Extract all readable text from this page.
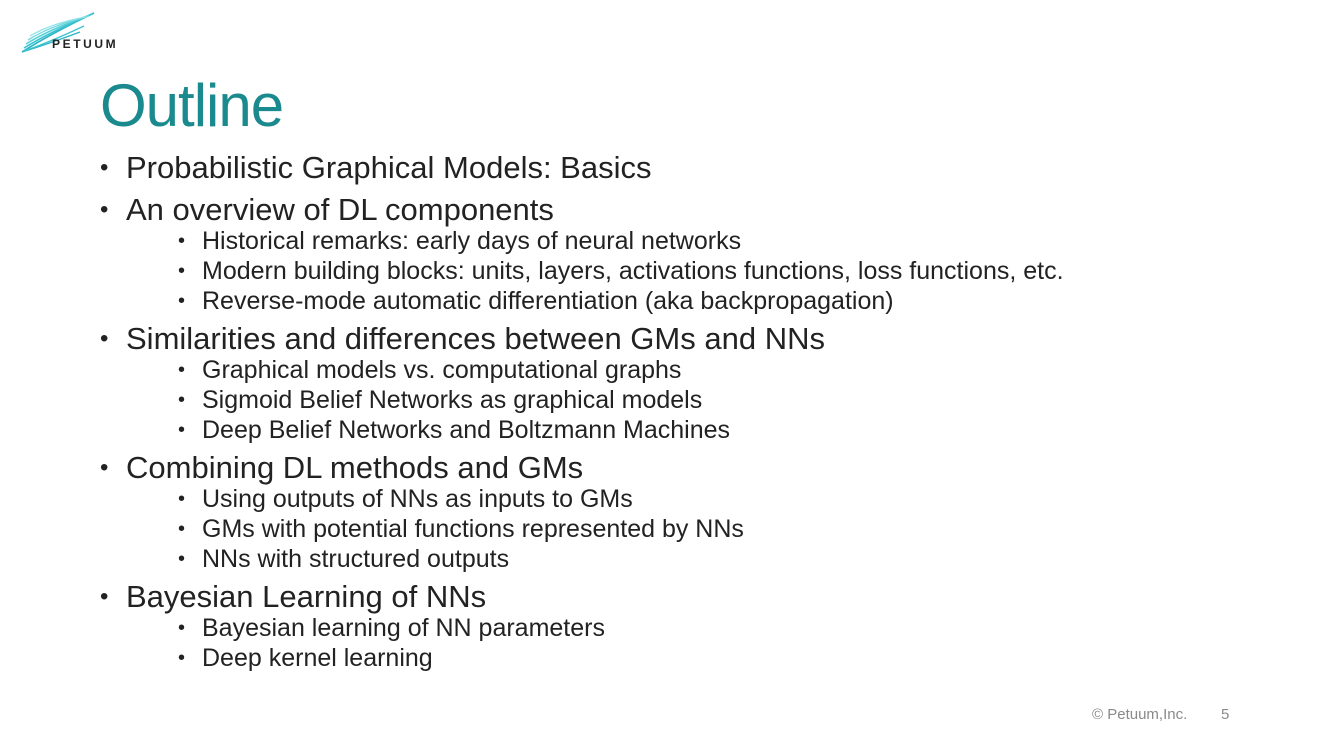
PETUUM
Outline
• Probabilistic Graphical Models: Basics
• An overview of DL components
• Historical remarks: early days of neural networks
• Modern building blocks: units, layers, activations functions, loss functions, etc.
• Reverse-mode automatic differentiation (aka backpropagation)
• Similarities and differences between GMs and NNs
• Graphical models vs. computational graphs
• Sigmoid Belief Networks as graphical models
• Deep Belief Networks and Boltzmann Machines
• Combining DL methods and GMs
• Using outputs of NNs as inputs to GMs
• GMs with potential functions represented by NNs
• NNs with structured outputs
• Bayesian Learning of NNs
• Bayesian learning of NN parameters
• Deep kernel learning
© Petuum,Inc. 5
